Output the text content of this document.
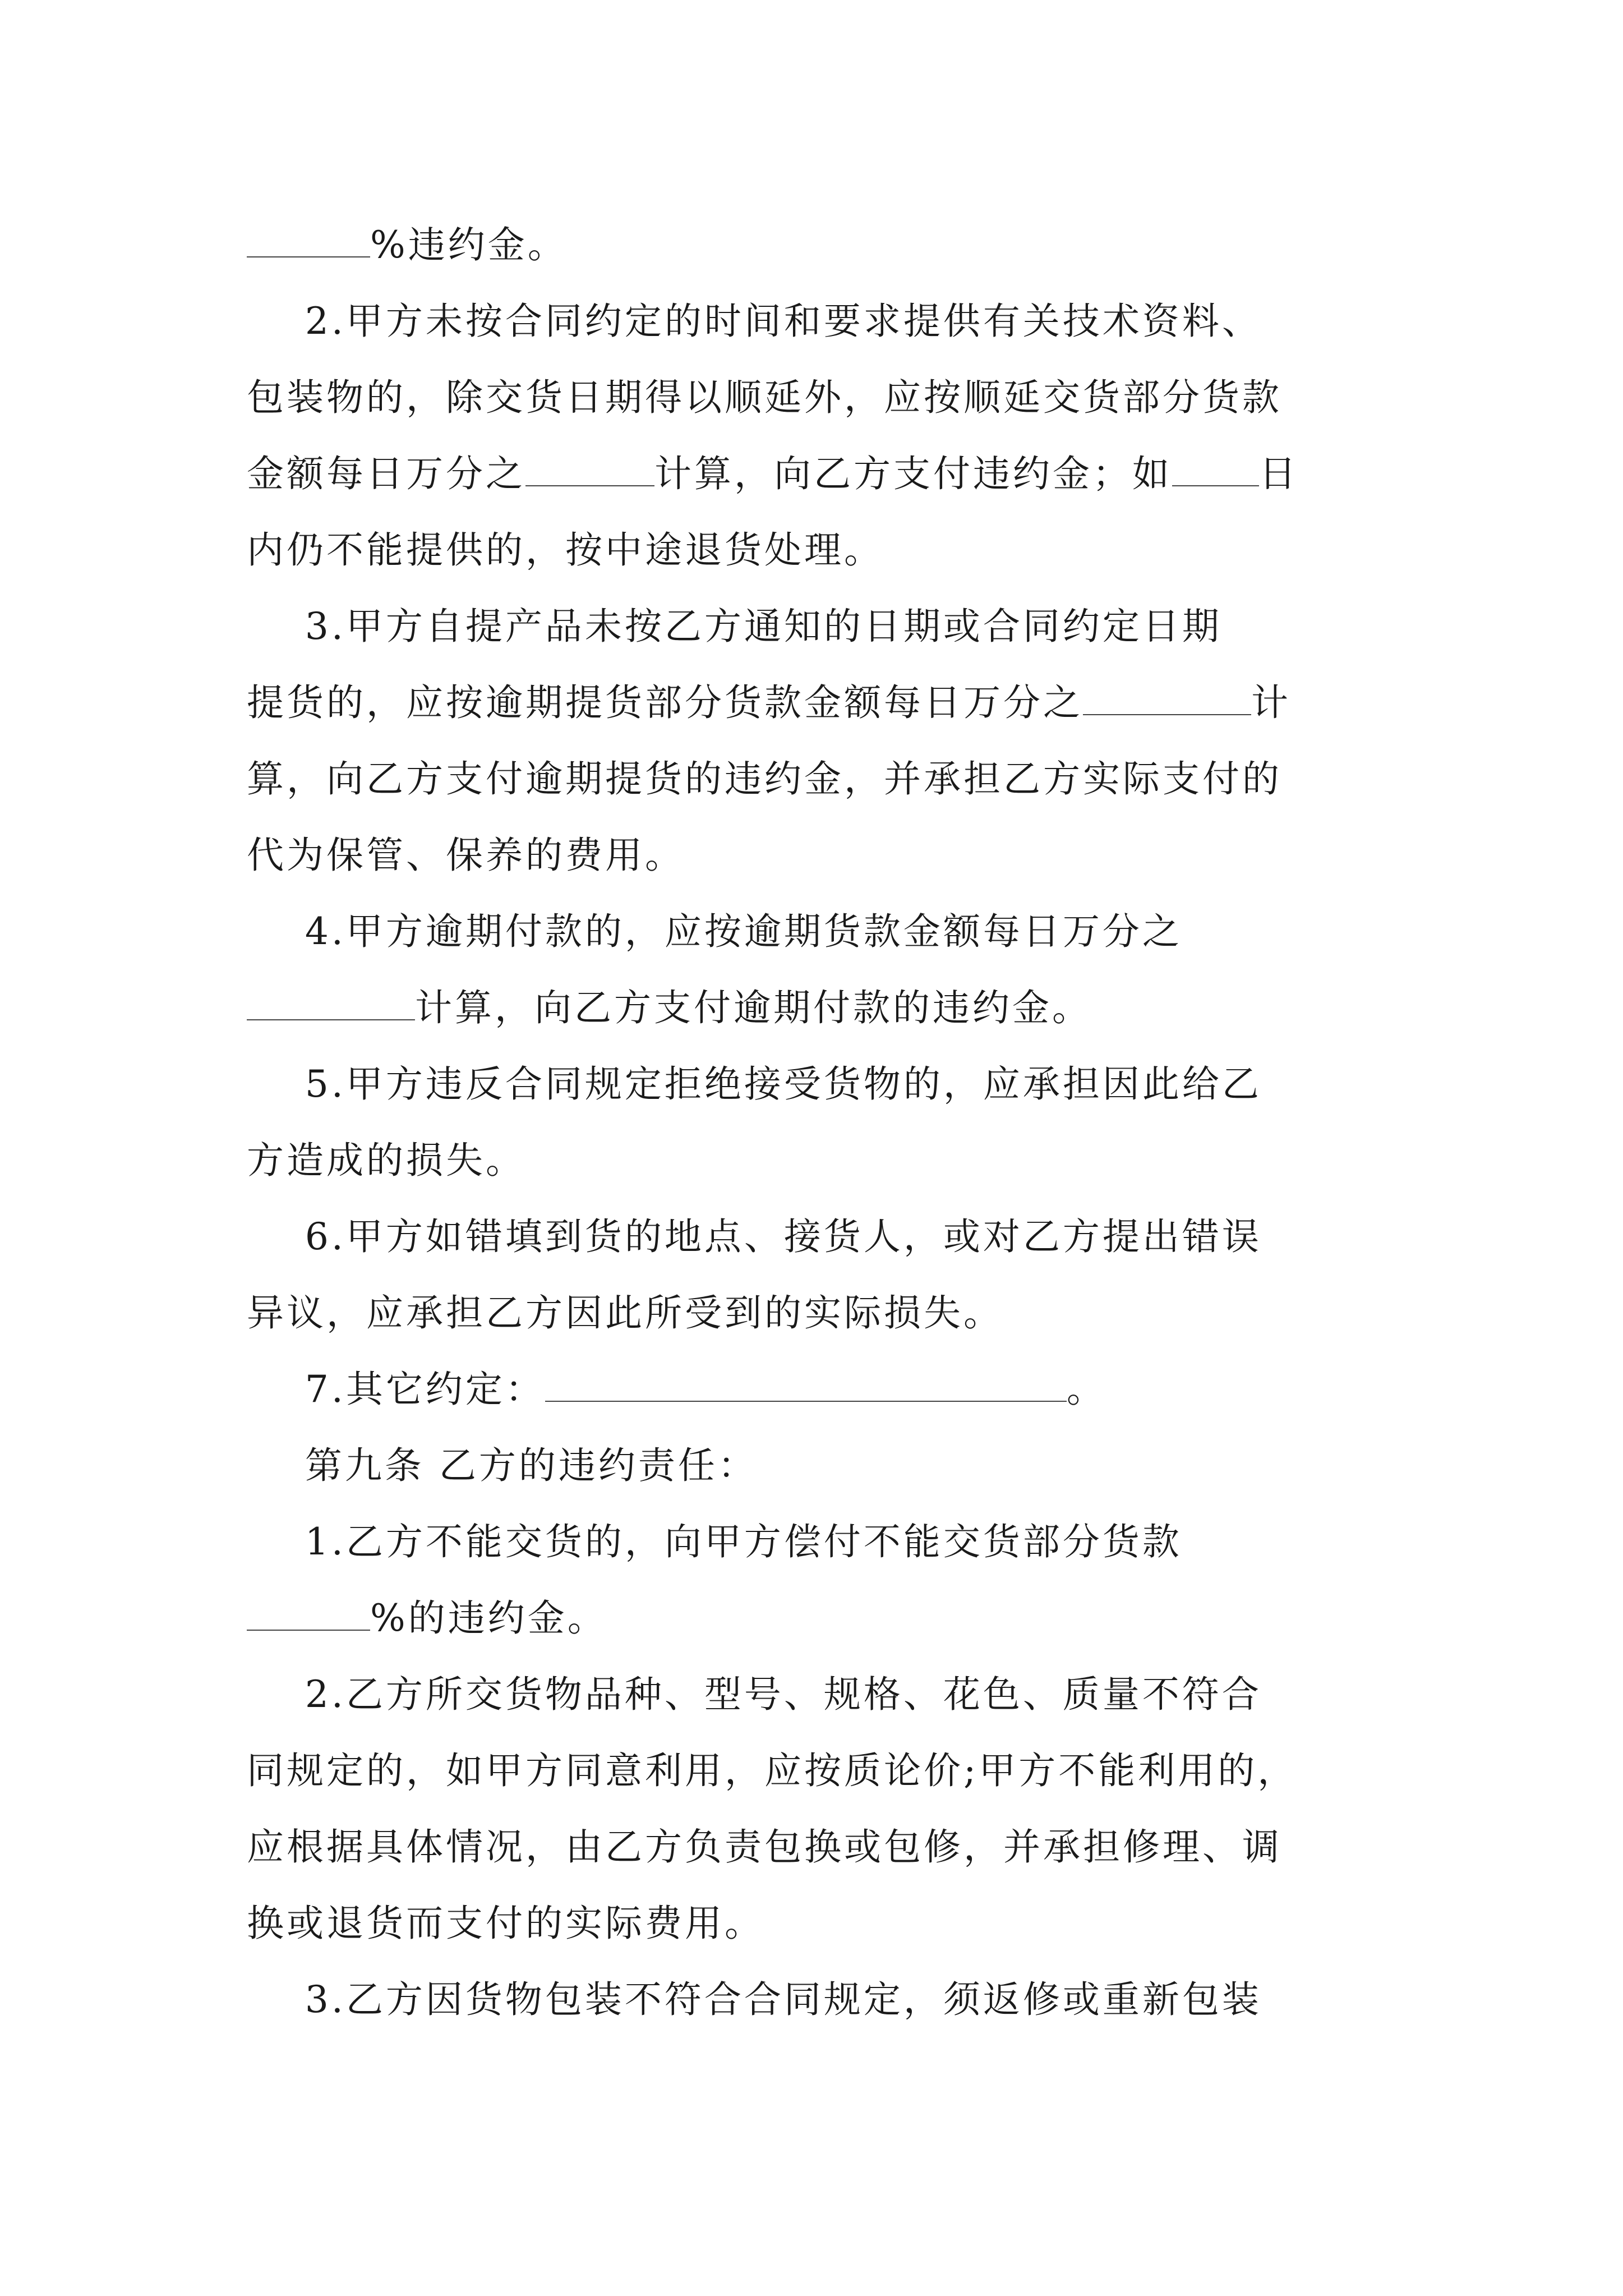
%违约金。
2.甲方未按合同约定的时间和要求提供有关技术资料、
包装物的，除交货日期得以顺延外，应按顺延交货部分货款
金额每日万分之	计算，向乙方支付违约金；如 日
内仍不能提供的，按中途退货处理。
3.甲方自提产品未按乙方通知的日期或合同约定日期
提货的，应按逾期提货部分货款金额每日万分之	计
算，向乙方支付逾期提货的违约金，并承担乙方实际支付的
代为保管、保养的费用。
4.甲方逾期付款的，应按逾期货款金额每日万分之
计算，向乙方支付逾期付款的违约金。
5.甲方违反合同规定拒绝接受货物的，应承担因此给乙
方造成的损失。
6.甲方如错填到货的地点、接货人，或对乙方提出错误
异议，应承担乙方因此所受到的实际损失。
7.其它约定：	。
第九条 乙方的违约责任：
1.乙方不能交货的，向甲方偿付不能交货部分货款
%的违约金。
2.乙方所交货物品种、型号、规格、花色、质量不符合
同规定的，如甲方同意利用，应按质论价;甲方不能利用的，
应根据具体情况，由乙方负责包换或包修，并承担修理、调
换或退货而支付的实际费用。
3.乙方因货物包装不符合合同规定，须返修或重新包装
